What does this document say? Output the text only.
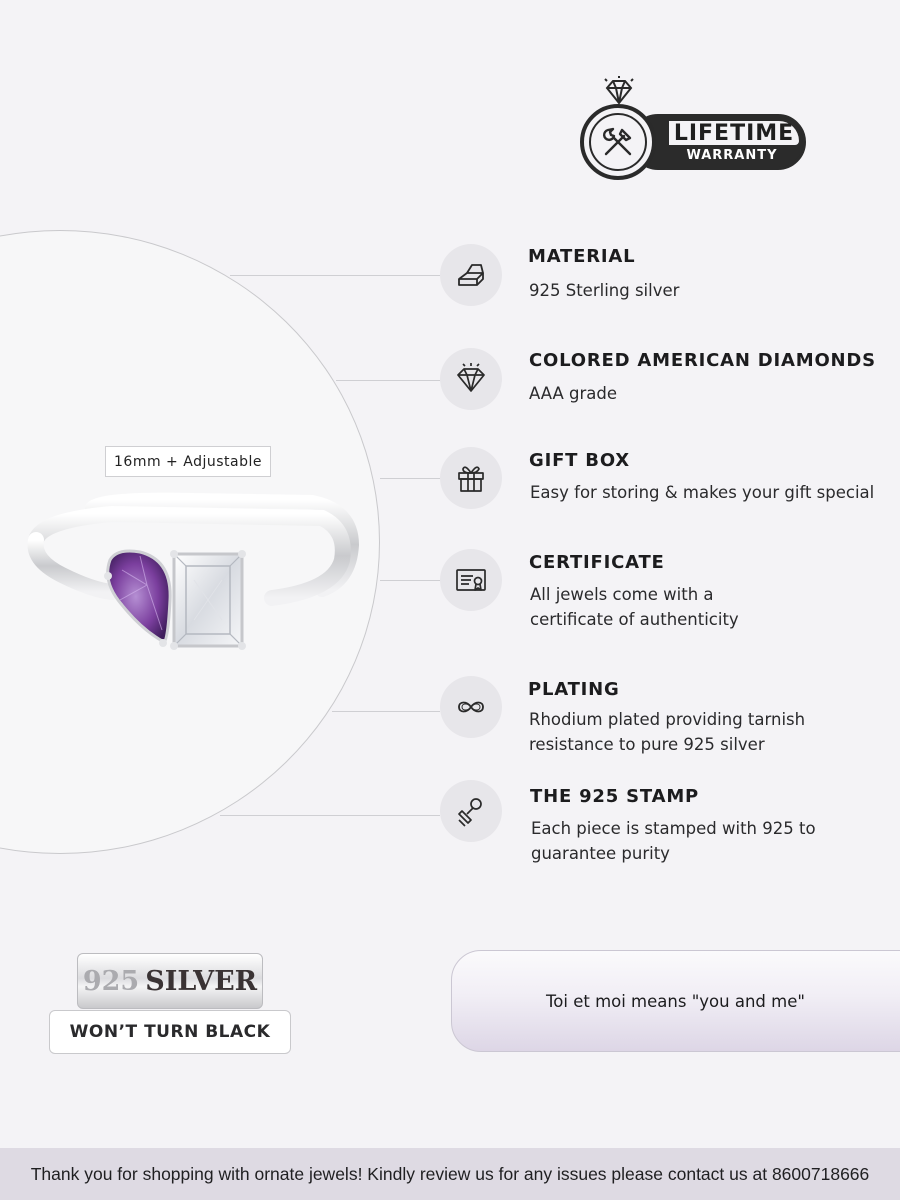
LIFETIME
WARRANTY
16mm + Adjustable
MATERIAL
925 Sterling silver
COLORED AMERICAN DIAMONDS
AAA grade
GIFT BOX
Easy for storing & makes your gift special
CERTIFICATE
All jewels come with a
certificate of authenticity
PLATING
Rhodium plated providing tarnish
resistance to pure 925 silver
THE 925 STAMP
Each piece is stamped with 925 to
guarantee purity
925 SILVER
WON’T TURN BLACK
Toi et moi means "you and me"
Thank you for shopping with ornate jewels! Kindly review us for any issues please contact us at 8600718666
